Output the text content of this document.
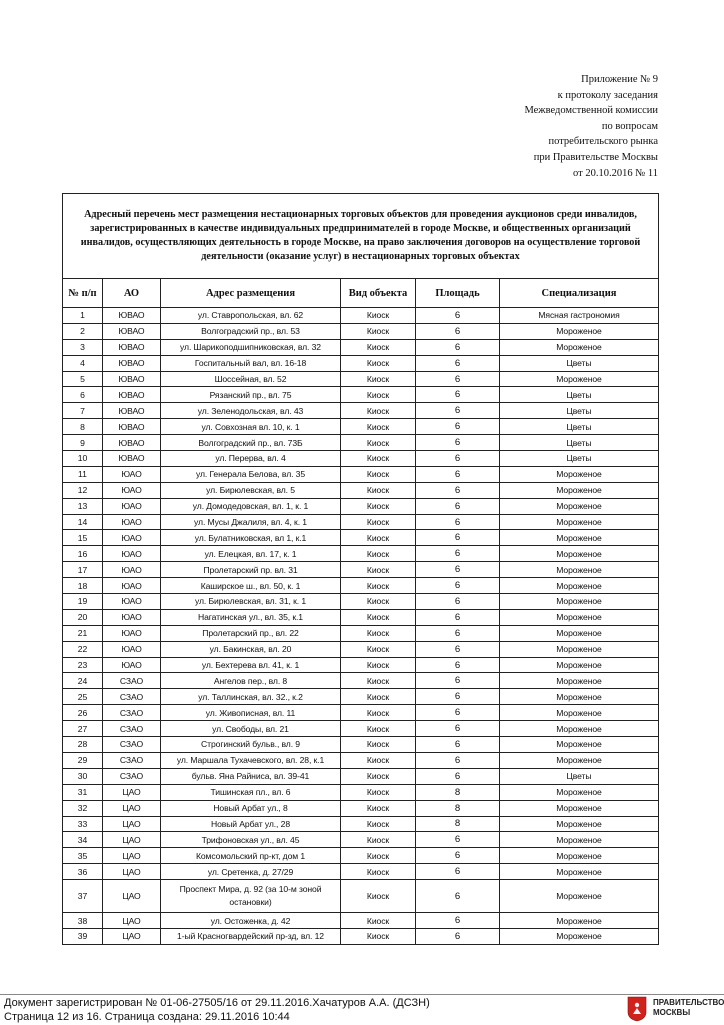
Приложение № 9
к протоколу заседания
Межведомственной комиссии
по вопросам
потребительского рынка
при Правительстве Москвы
от 20.10.2016 № 11
Адресный перечень мест размещения нестационарных торговых объектов для проведения аукционов среди инвалидов, зарегистрированных в качестве индивидуальных предпринимателей в городе Москве, и общественных организаций инвалидов, осуществляющих деятельность в городе Москве, на право заключения договоров на осуществление торговой деятельности (оказание услуг) в нестационарных торговых объектах					
№ п/п	АО	Адрес размещения	Вид объекта	Площадь	Специализация
1	ЮВАО	ул. Ставропольская, вл. 62	Киоск	6	Мясная гастрономия
2	ЮВАО	Волгоградский пр., вл. 53	Киоск	6	Мороженое
3	ЮВАО	ул. Шарикоподшипниковская, вл. 32	Киоск	6	Мороженое
4	ЮВАО	Госпитальный вал, вл. 16-18	Киоск	6	Цветы
5	ЮВАО	Шоссейная, вл. 52	Киоск	6	Мороженое
6	ЮВАО	Рязанский пр., вл. 75	Киоск	6	Цветы
7	ЮВАО	ул. Зеленодольская, вл. 43	Киоск	6	Цветы
8	ЮВАО	ул. Совхозная вл. 10, к. 1	Киоск	6	Цветы
9	ЮВАО	Волгоградский пр., вл. 73Б	Киоск	6	Цветы
10	ЮВАО	ул. Перерва, вл. 4	Киоск	6	Цветы
11	ЮАО	ул. Генерала Белова, вл. 35	Киоск	6	Мороженое
12	ЮАО	ул. Бирюлевская, вл. 5	Киоск	6	Мороженое
13	ЮАО	ул. Домодедовская, вл. 1, к. 1	Киоск	6	Мороженое
14	ЮАО	ул. Мусы Джалиля, вл. 4, к. 1	Киоск	6	Мороженое
15	ЮАО	ул. Булатниковская, вл 1, к.1	Киоск	6	Мороженое
16	ЮАО	ул. Елецкая, вл. 17, к. 1	Киоск	6	Мороженое
17	ЮАО	Пролетарский пр. вл. 31	Киоск	6	Мороженое
18	ЮАО	Каширское ш., вл. 50, к. 1	Киоск	6	Мороженое
19	ЮАО	ул. Бирюлевская, вл. 31, к. 1	Киоск	6	Мороженое
20	ЮАО	Нагатинская ул., вл. 35, к.1	Киоск	6	Мороженое
21	ЮАО	Пролетарский пр., вл. 22	Киоск	6	Мороженое
22	ЮАО	ул. Бакинская, вл. 20	Киоск	6	Мороженое
23	ЮАО	ул. Бехтерева вл. 41, к. 1	Киоск	6	Мороженое
24	СЗАО	Ангелов пер., вл. 8	Киоск	6	Мороженое
25	СЗАО	ул. Таллинская, вл. 32., к.2	Киоск	6	Мороженое
26	СЗАО	ул. Живописная, вл. 11	Киоск	6	Мороженое
27	СЗАО	ул. Свободы, вл. 21	Киоск	6	Мороженое
28	СЗАО	Строгинский бульв., вл. 9	Киоск	6	Мороженое
29	СЗАО	ул. Маршала Тухачевского, вл. 28, к.1	Киоск	6	Мороженое
30	СЗАО	бульв. Яна Райниса, вл. 39-41	Киоск	6	Цветы
31	ЦАО	Тишинская пл., вл. 6	Киоск	8	Мороженое
32	ЦАО	Новый Арбат ул., 8	Киоск	8	Мороженое
33	ЦАО	Новый Арбат ул., 28	Киоск	8	Мороженое
34	ЦАО	Трифоновская ул., вл. 45	Киоск	6	Мороженое
35	ЦАО	Комсомольский пр-кт, дом 1	Киоск	6	Мороженое
36	ЦАО	ул. Сретенка, д. 27/29	Киоск	6	Мороженое
37	ЦАО	Проспект Мира, д. 92 (за 10-м зоной остановки)	Киоск	6	Мороженое
38	ЦАО	ул. Остоженка, д. 42	Киоск	6	Мороженое
39	ЦАО	1-ый Красногвардейский пр-зд, вл. 12	Киоск	6	Мороженое
Документ зарегистрирован № 01-06-27505/16 от 29.11.2016.Хачатуров А.А. (ДСЗН)
Страница 12 из 16. Страница создана: 29.11.2016 10:44
ПРАВИТЕЛЬСТВО
МОСКВЫ
